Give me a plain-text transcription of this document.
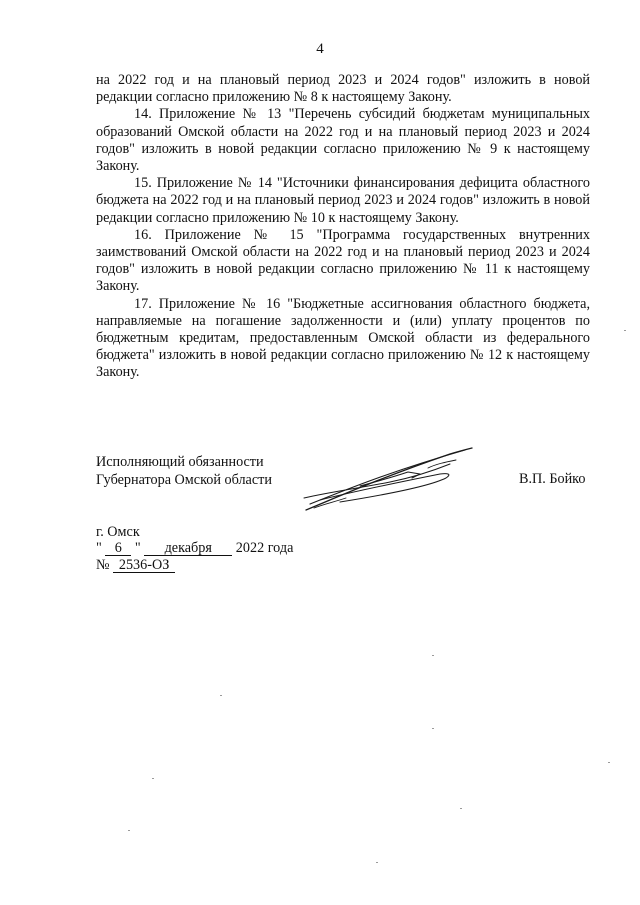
4

на 2022 год и на плановый период 2023 и 2024 годов" изложить в новой редакции согласно приложению № 8 к настоящему Закону.

14. Приложение № 13 "Перечень субсидий бюджетам муниципальных образований Омской области на 2022 год и на плановый период 2023 и 2024 годов" изложить в новой редакции согласно приложению № 9 к настоящему Закону.

15. Приложение № 14 "Источники финансирования дефицита областного бюджета на 2022 год и на плановый период 2023 и 2024 годов" изложить в новой редакции согласно приложению № 10 к настоящему Закону.

16. Приложение № 15 "Программа государственных внутренних заимствований Омской области на 2022 год и на плановый период 2023 и 2024 годов" изложить в новой редакции согласно приложению № 11 к настоящему Закону.

17. Приложение № 16 "Бюджетные ассигнования областного бюджета, направляемые на погашение задолженности и (или) уплату процентов по бюджетным кредитам, предоставленным Омской области из федерального бюджета" изложить в новой редакции согласно приложению № 12 к настоящему Закону.

Исполняющий обязанности
Губернатора Омской области	В.П. Бойко
г. Омск
" 6 " декабря 2022 года
№ 2536-ОЗ
